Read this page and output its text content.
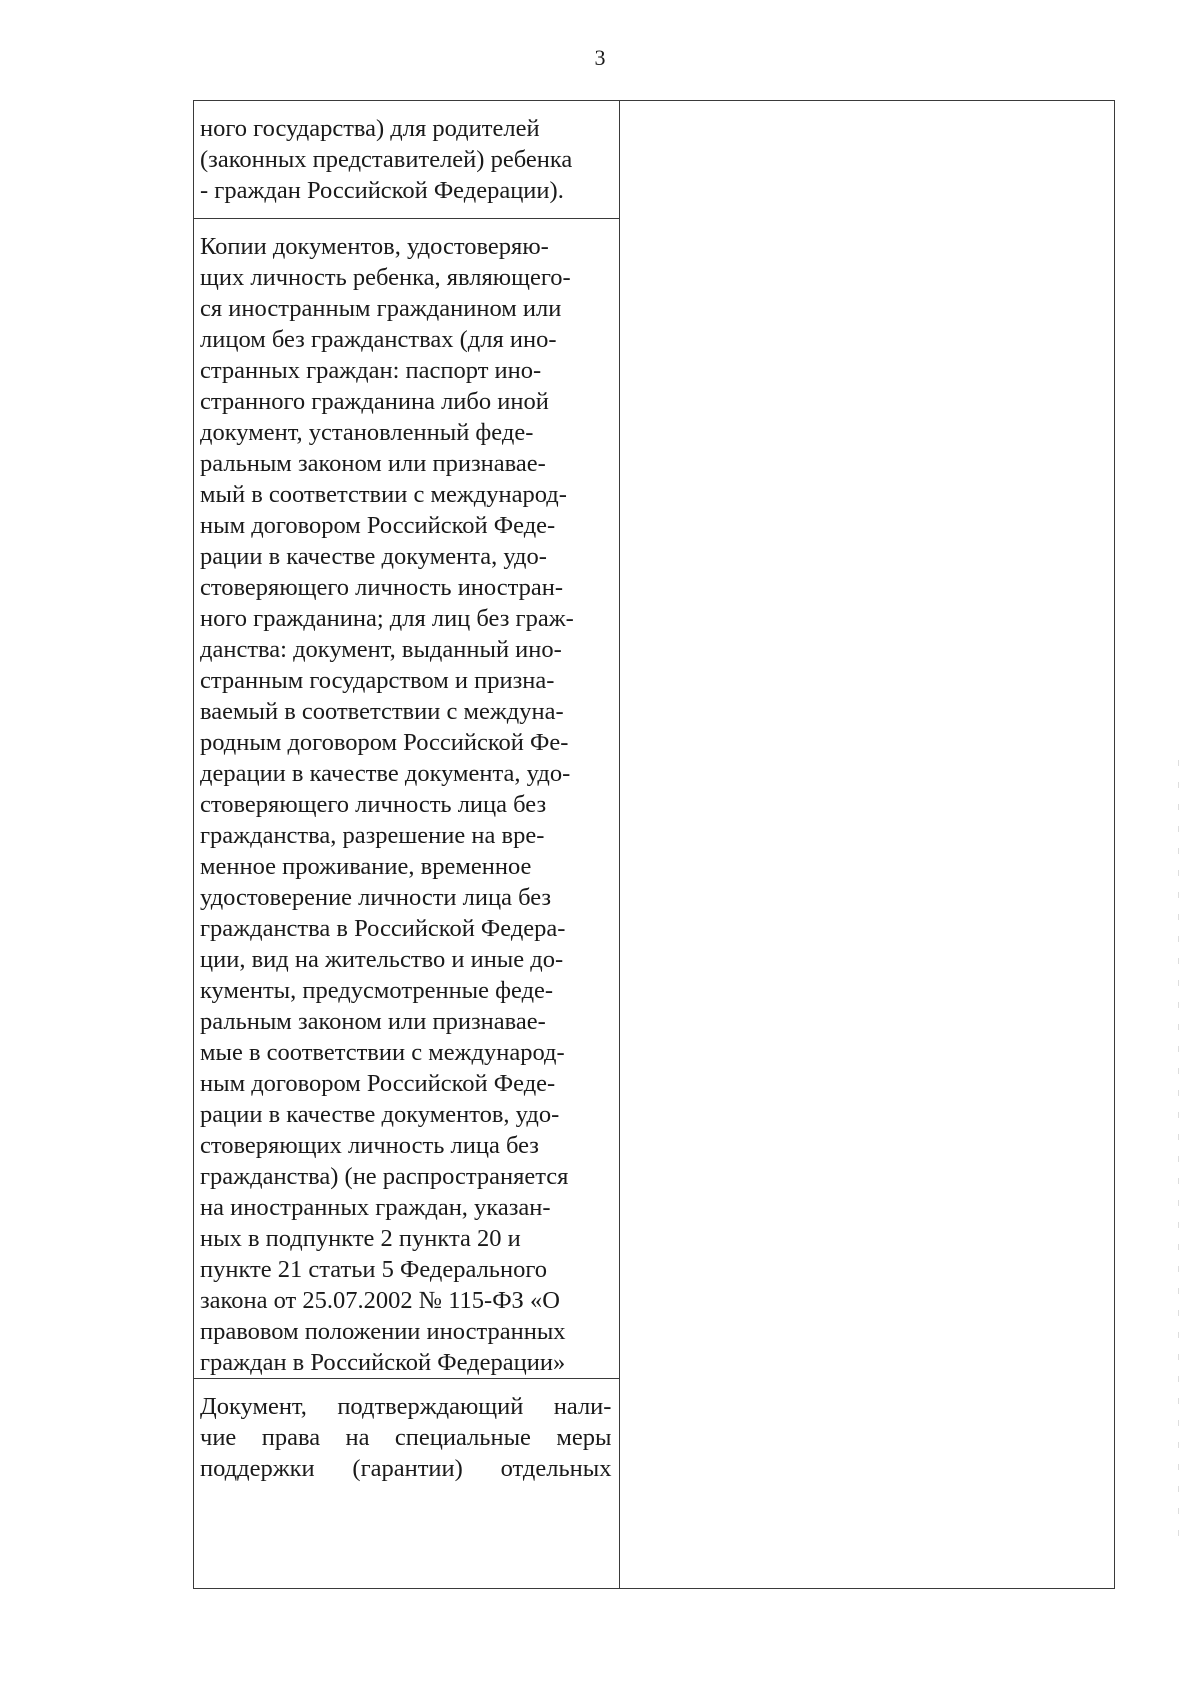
3
ного государства) для родителей
(законных представителей) ребенка
- граждан Российской Федерации).

Копии документов, удостоверяю-
щих личность ребенка, являющего-
ся иностранным гражданином или
лицом без гражданствах (для ино-
странных граждан: паспорт ино-
странного гражданина либо иной
документ, установленный феде-
ральным законом или признавае-
мый в соответствии с международ-
ным договором Российской Феде-
рации в качестве документа, удо-
стоверяющего личность иностран-
ного гражданина; для лиц без граж-
данства: документ, выданный ино-
странным государством и призна-
ваемый в соответствии с междуна-
родным договором Российской Фе-
дерации в качестве документа, удо-
стоверяющего личность лица без
гражданства, разрешение на вре-
менное проживание, временное
удостоверение личности лица без
гражданства в Российской Федера-
ции, вид на жительство и иные до-
кументы, предусмотренные феде-
ральным законом или признавае-
мые в соответствии с международ-
ным договором Российской Феде-
рации в качестве документов, удо-
стоверяющих личность лица без
гражданства) (не распространяется
на иностранных граждан, указан-
ных в подпункте 2 пункта 20 и
пункте 21 статьи 5 Федерального
закона от 25.07.2002 № 115-ФЗ «О
правовом положении иностранных
граждан в Российской Федерации»

Документ, подтверждающий нали-
чие права на специальные меры
поддержки (гарантии) отдельных
